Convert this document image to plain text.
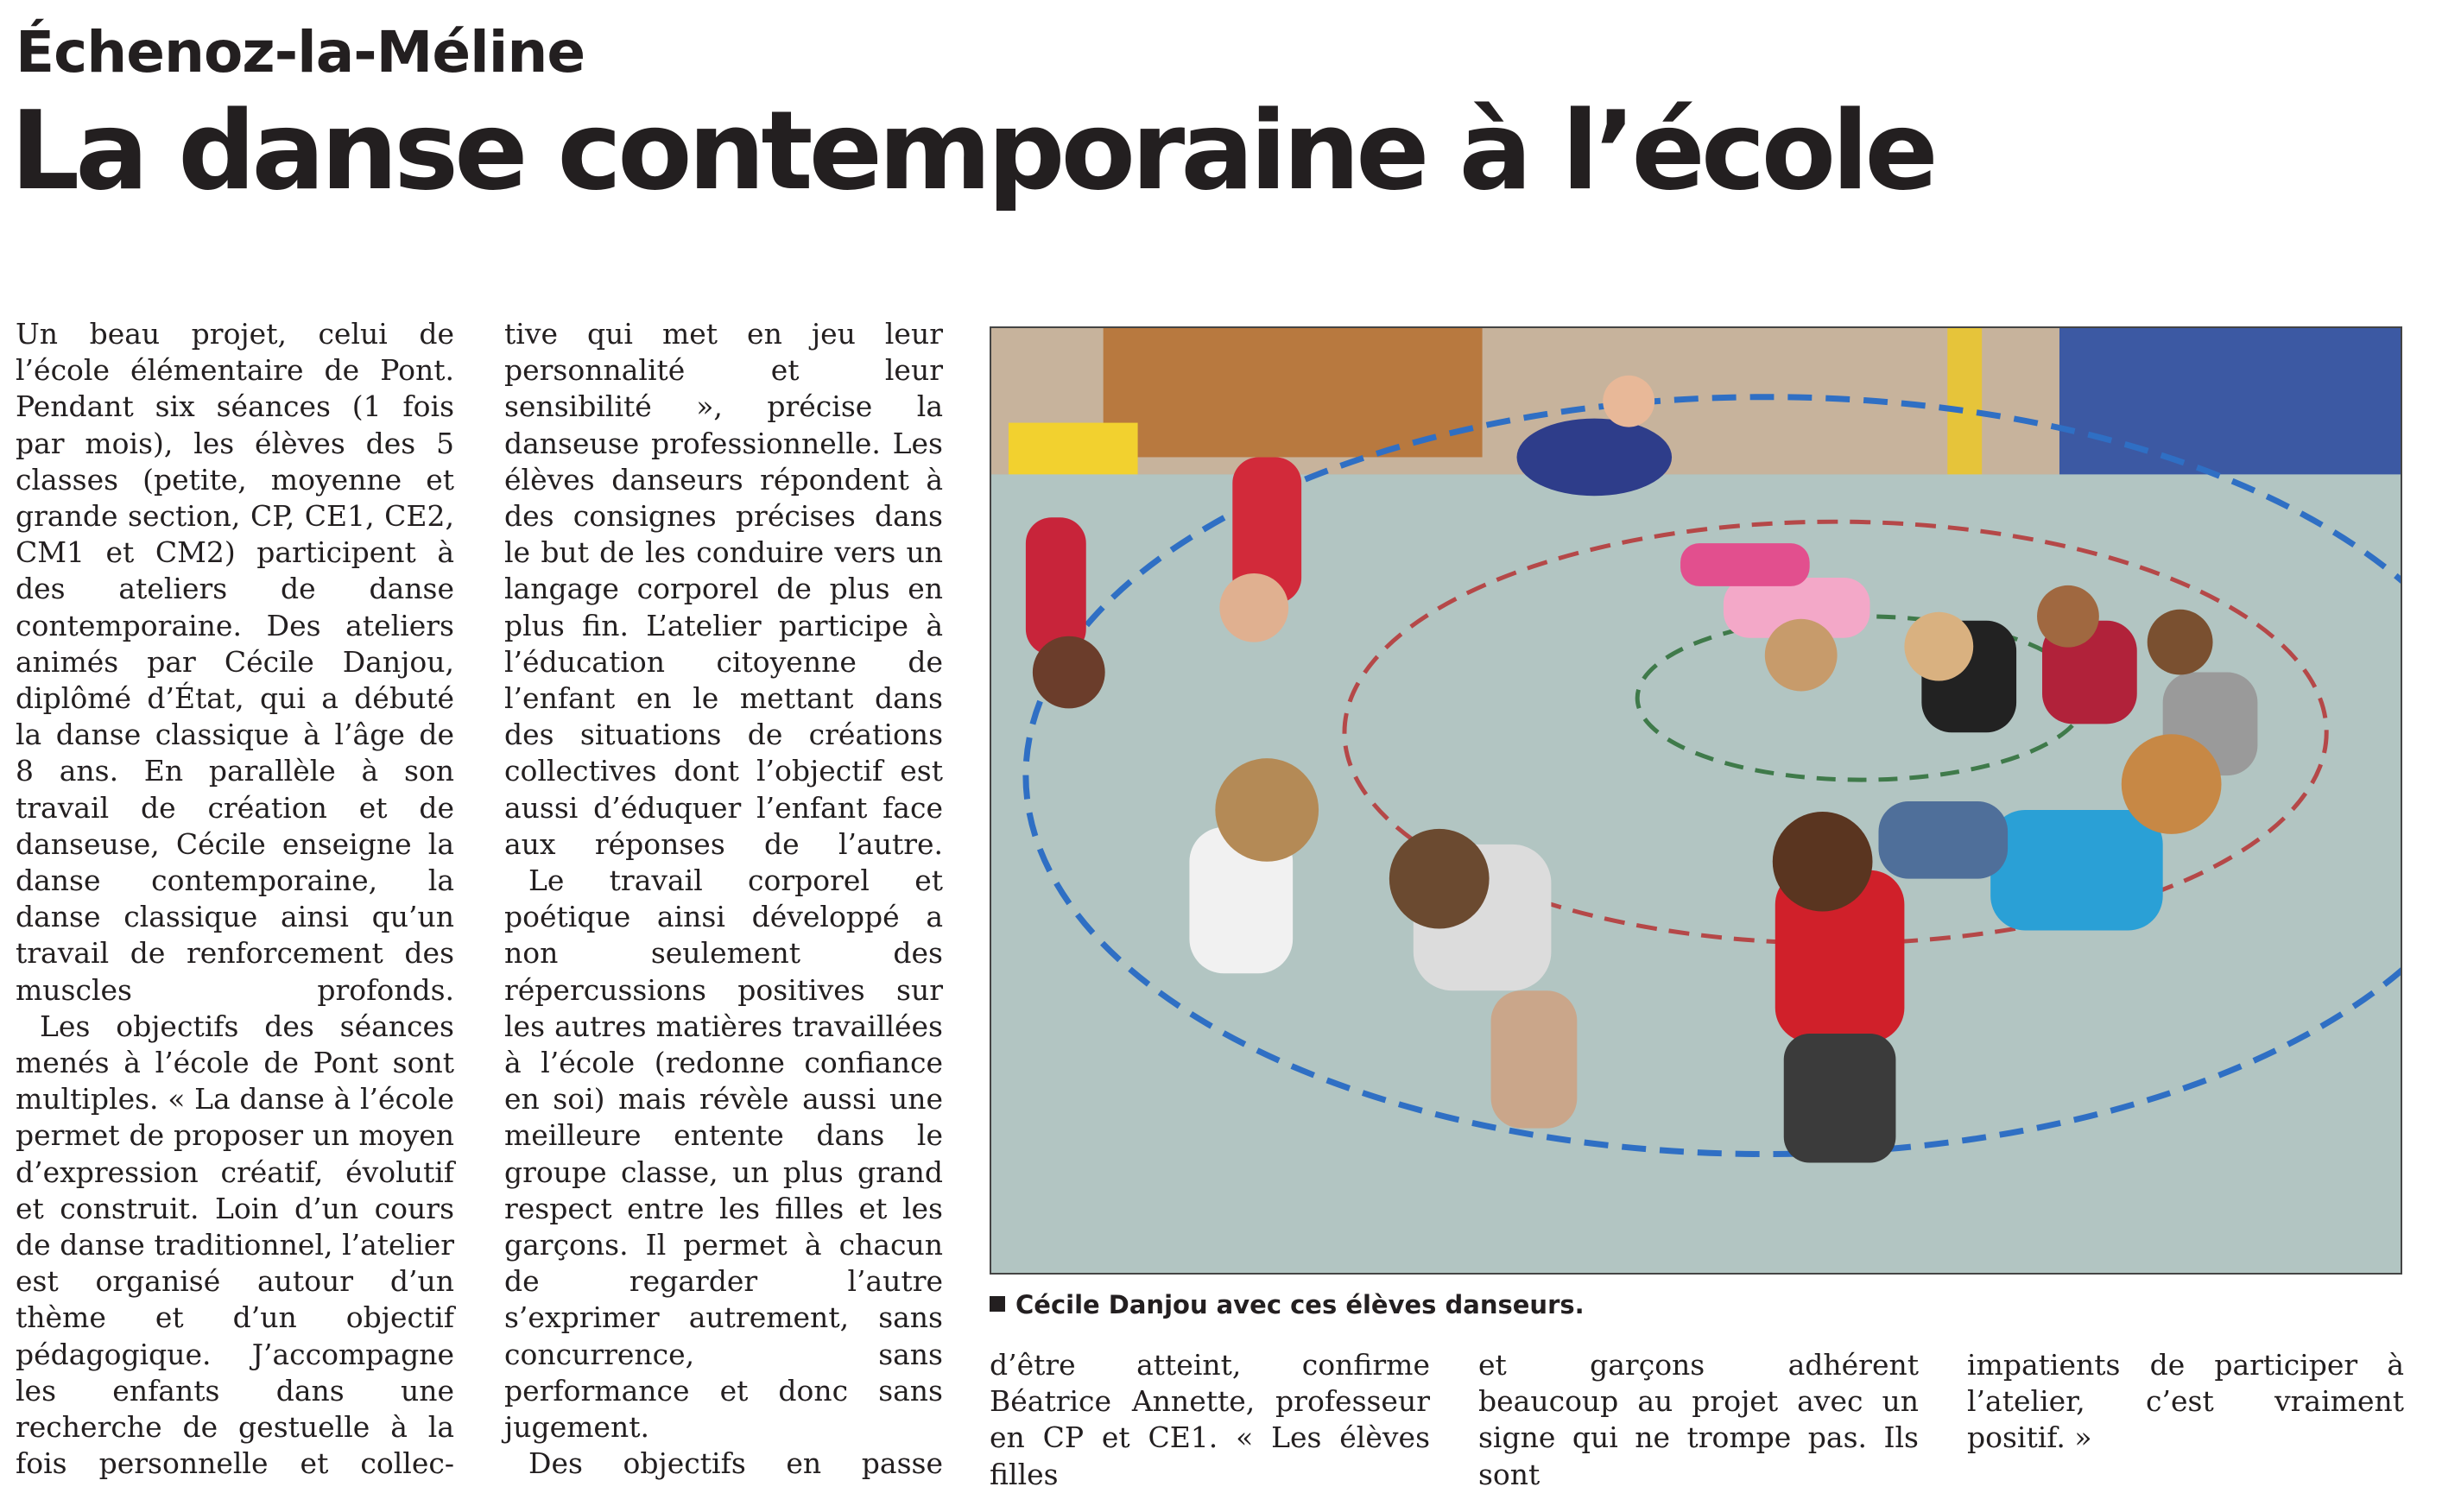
Échenoz-la-Méline
La danse contemporaine à l’école

Un beau projet, celui de l’école élémentaire de Pont. Pendant six séances (1 fois par mois), les élèves des 5 classes (petite, moyenne et grande section, CP, CE1, CE2, CM1 et CM2) participent à des ateliers de danse contemporaine. Des ateliers animés par Cécile Danjou, diplômé d’État, qui a débuté la danse classique à l’âge de 8 ans. En parallèle à son travail de création et de danseuse, Cécile enseigne la danse contemporaine, la danse classique ainsi qu’un travail de renforcement des muscles profonds.

Les objectifs des séances menés à l’école de Pont sont multiples. « La danse à l’école permet de proposer un moyen d’expression créatif, évolutif et construit. Loin d’un cours de danse traditionnel, l’atelier est organisé autour d’un thème et d’un objectif pédagogique. J’accompagne les enfants dans une recherche de gestuelle à la fois personnelle et collec-

tive qui met en jeu leur personnalité et leur sensibilité », précise la danseuse professionnelle. Les élèves danseurs répondent à des consignes précises dans le but de les conduire vers un langage corporel de plus en plus fin. L’atelier participe à l’éducation citoyenne de l’enfant en le mettant dans des situations de créations collectives dont l’objectif est aussi d’éduquer l’enfant face aux réponses de l’autre.

Le travail corporel et poétique ainsi développé a non seulement des répercussions positives sur les autres matières travaillées à l’école (redonne confiance en soi) mais révèle aussi une meilleure entente dans le groupe classe, un plus grand respect entre les filles et les garçons. Il permet à chacun de regarder l’autre s’exprimer autrement, sans concurrence, sans performance et donc sans jugement.

Des objectifs en passe

Cécile Danjou avec ces élèves danseurs.

d’être atteint, confirme Béatrice Annette, professeur en CP et CE1. « Les élèves filles

et garçons adhérent beaucoup au projet avec un signe qui ne trompe pas. Ils sont

impatients de participer à l’atelier, c’est vraiment positif. »
